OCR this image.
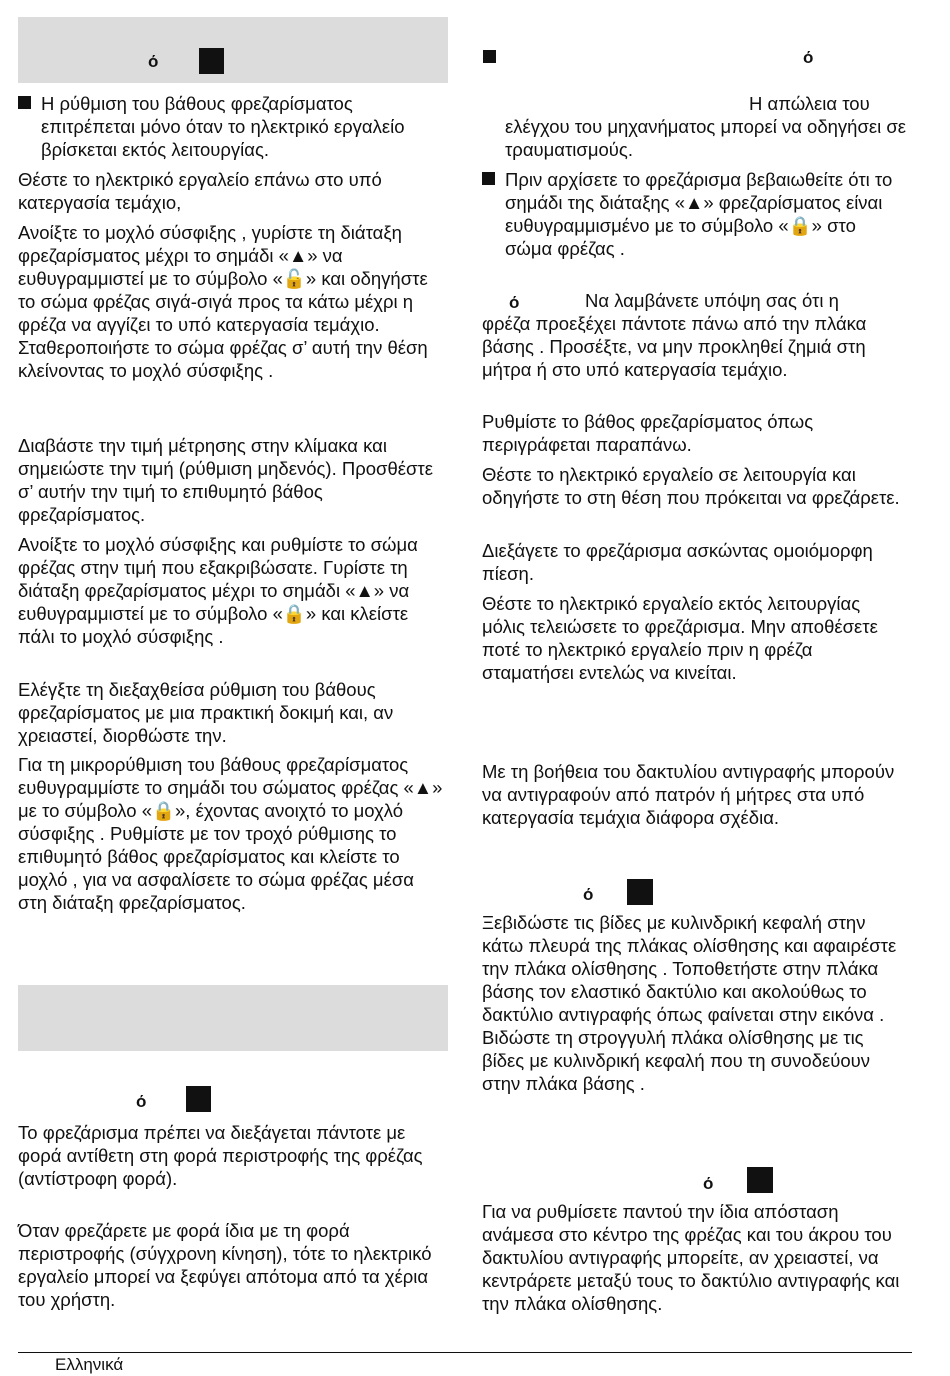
ό

Η ρύθμιση του βάθους φρεζαρίσματος επιτρέπεται μόνο όταν το ηλεκτρικό εργαλείο βρίσκεται εκτός λειτουργίας.

Θέστε το ηλεκτρικό εργαλείο επάνω στο υπό κατεργασία τεμάχιο,

Ανοίξτε το μοχλό σύσφιξης , γυρίστε τη διάταξη φρεζαρίσματος μέχρι το σημάδι «▲» να ευθυγραμμιστεί με το σύμβολο «🔓» και οδηγήστε το σώμα φρέζας σιγά-σιγά προς τα κάτω μέχρι η φρέζα να αγγίζει το υπό κατεργασία τεμάχιο. Σταθεροποιήστε το σώμα φρέζας σ’ αυτή την θέση κλείνοντας το μοχλό σύσφιξης .

Διαβάστε την τιμή μέτρησης στην κλίμακα και σημειώστε την τιμή (ρύθμιση μηδενός). Προσθέστε σ’ αυτήν την τιμή το επιθυμητό βάθος φρεζαρίσματος.

Ανοίξτε το μοχλό σύσφιξης και ρυθμίστε το σώμα φρέζας στην τιμή που εξακριβώσατε. Γυρίστε τη διάταξη φρεζαρίσματος μέχρι το σημάδι «▲» να ευθυγραμμιστεί με το σύμβολο «🔒» και κλείστε πάλι το μοχλό σύσφιξης .

Ελέγξτε τη διεξαχθείσα ρύθμιση του βάθους φρεζαρίσματος με μια πρακτική δοκιμή και, αν χρειαστεί, διορθώστε την.

Για τη μικρορύθμιση του βάθους φρεζαρίσματος ευθυγραμμίστε το σημάδι του σώματος φρέζας «▲» με το σύμβολο «🔒», έχοντας ανοιχτό το μοχλό σύσφιξης . Ρυθμίστε με τον τροχό ρύθμισης το επιθυμητό βάθος φρεζαρίσματος και κλείστε το μοχλό , για να ασφαλίσετε το σώμα φρέζας μέσα στη διάταξη φρεζαρίσματος.

ό

Το φρεζάρισμα πρέπει να διεξάγεται πάντοτε με φορά αντίθετη στη φορά περιστροφής της φρέζας (αντίστροφη φορά).

Όταν φρεζάρετε με φορά ίδια με τη φορά περιστροφής (σύγχρονη κίνηση), τότε το ηλεκτρικό εργαλείο μπορεί να ξεφύγει απότομα από τα χέρια του χρήστη.

ό

Η απώλεια του

ελέγχου του μηχανήματος μπορεί να οδηγήσει σε τραυματισμούς.

Πριν αρχίσετε το φρεζάρισμα βεβαιωθείτε ότι το σημάδι της διάταξης «▲» φρεζαρίσματος είναι ευθυγραμμισμένο με το σύμβολο «🔒» στο σώμα φρέζας .

ό	Να λαμβάνετε υπόψη σας ότι η

φρέζα προεξέχει πάντοτε πάνω από την πλάκα βάσης . Προσέξτε, να μην προκληθεί ζημιά στη μήτρα ή στο υπό κατεργασία τεμάχιο.

Ρυθμίστε το βάθος φρεζαρίσματος όπως περιγράφεται παραπάνω.

Θέστε το ηλεκτρικό εργαλείο σε λειτουργία και οδηγήστε το στη θέση που πρόκειται να φρεζάρετε.

Διεξάγετε το φρεζάρισμα ασκώντας ομοιόμορφη πίεση.

Θέστε το ηλεκτρικό εργαλείο εκτός λειτουργίας μόλις τελειώσετε το φρεζάρισμα. Μην αποθέσετε ποτέ το ηλεκτρικό εργαλείο πριν η φρέζα σταματήσει εντελώς να κινείται.

Με τη βοήθεια του δακτυλίου αντιγραφής μπορούν να αντιγραφούν από πατρόν ή μήτρες στα υπό κατεργασία τεμάχια διάφορα σχέδια.

ό

Ξεβιδώστε τις βίδες με κυλινδρική κεφαλή στην κάτω πλευρά της πλάκας ολίσθησης και αφαιρέστε την πλάκα ολίσθησης . Τοποθετήστε στην πλάκα βάσης τον ελαστικό δακτύλιο και ακολούθως το δακτύλιο αντιγραφής όπως φαίνεται στην εικόνα . Βιδώστε τη στρογγυλή πλάκα ολίσθησης με τις βίδες με κυλινδρική κεφαλή που τη συνοδεύουν στην πλάκα βάσης .

ό

Για να ρυθμίσετε παντού την ίδια απόσταση ανάμεσα στο κέντρο της φρέζας και του άκρου του δακτυλίου αντιγραφής μπορείτε, αν χρειαστεί, να κεντράρετε μεταξύ τους το δακτύλιο αντιγραφής και την πλάκα ολίσθησης.

Ελληνικά
